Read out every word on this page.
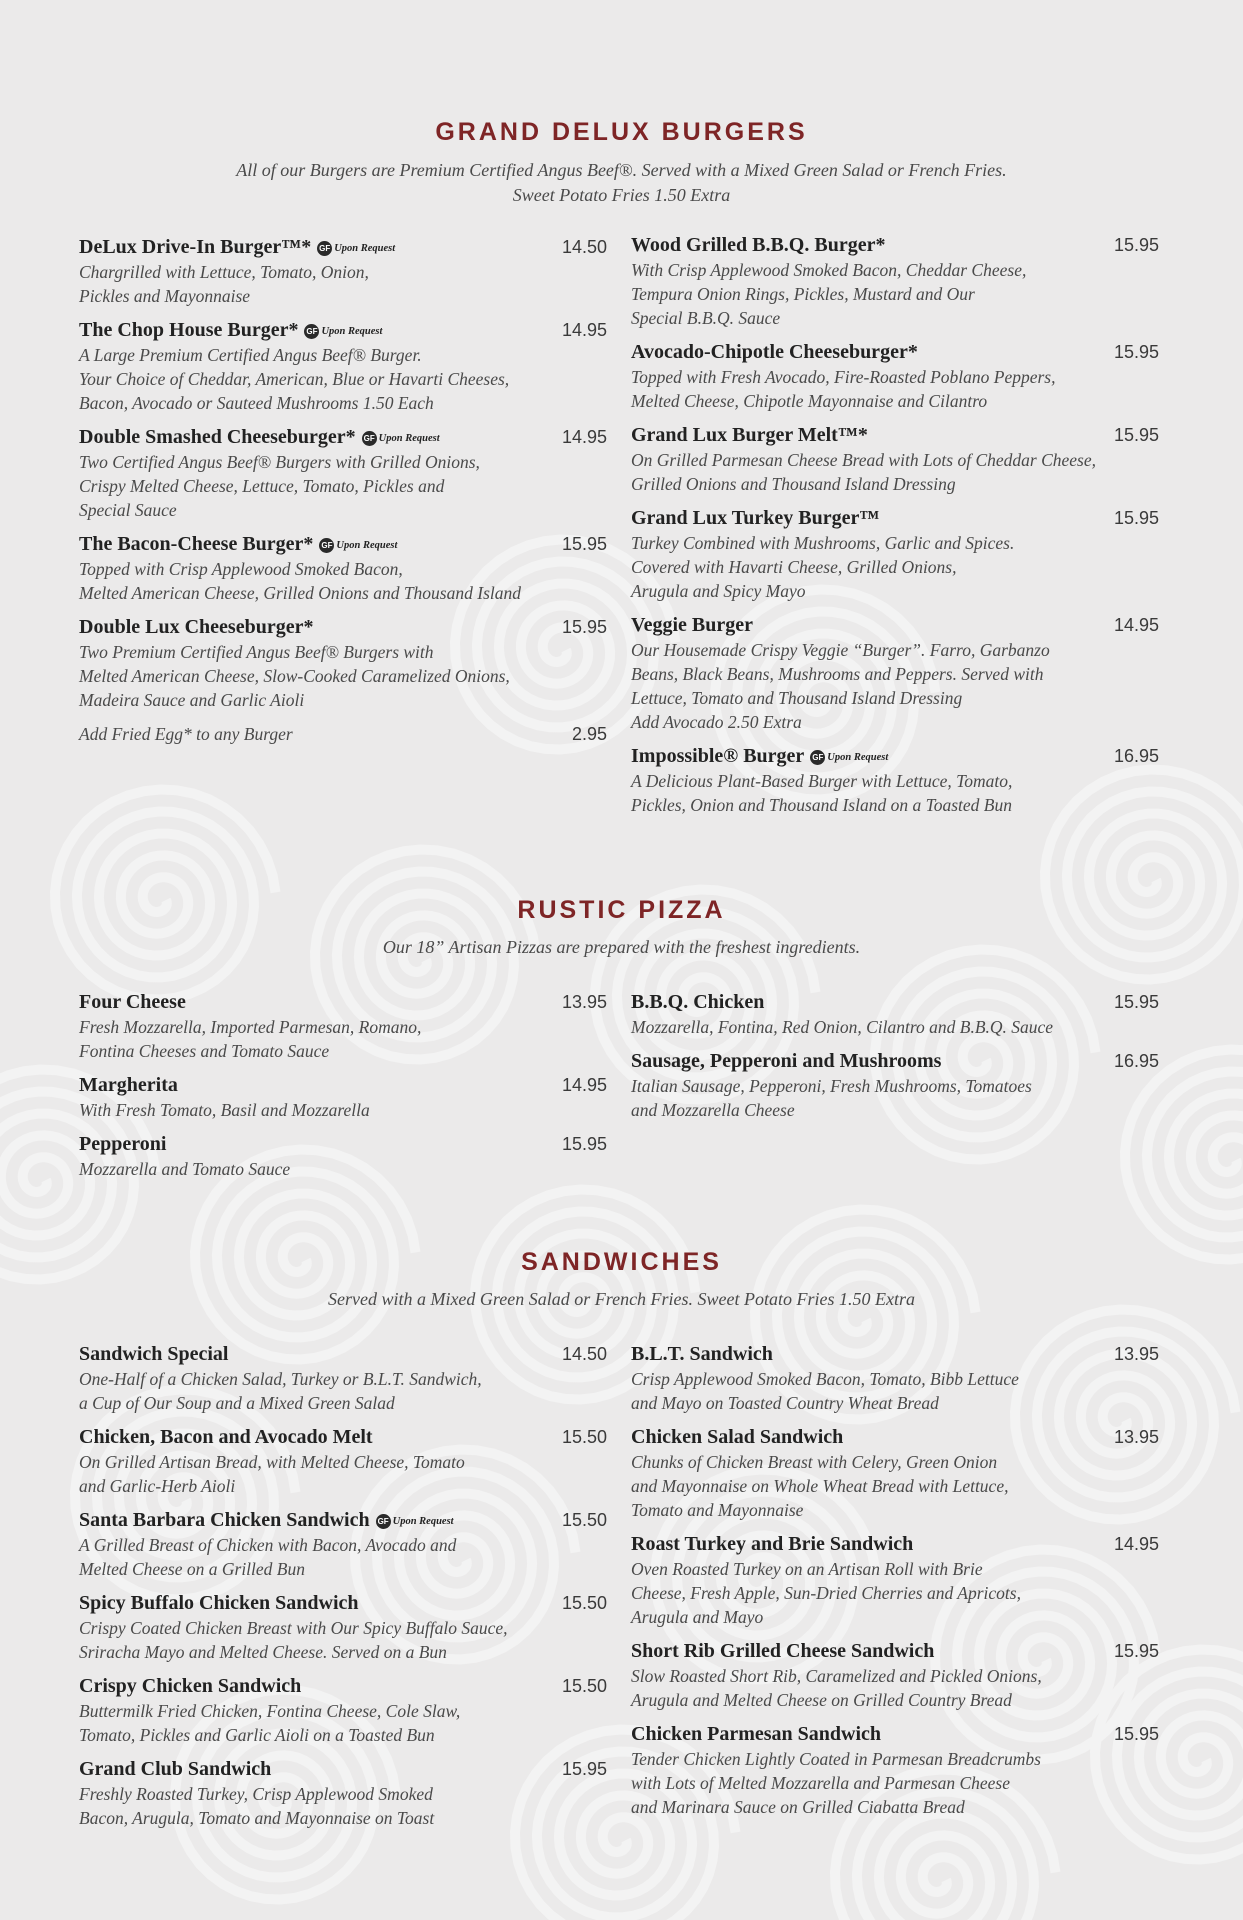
GRAND DELUX BURGERS
All of our Burgers are Premium Certified Angus Beef®. Served with a Mixed Green Salad or French Fries.
Sweet Potato Fries 1.50 Extra
DeLux Drive-In Burger™* GF Upon Request	14.50
Chargrilled with Lettuce, Tomato, Onion,
Pickles and Mayonnaise
The Chop House Burger* GF Upon Request	14.95
A Large Premium Certified Angus Beef® Burger.
Your Choice of Cheddar, American, Blue or Havarti Cheeses,
Bacon, Avocado or Sauteed Mushrooms 1.50 Each
Double Smashed Cheeseburger* GF Upon Request	14.95
Two Certified Angus Beef® Burgers with Grilled Onions,
Crispy Melted Cheese, Lettuce, Tomato, Pickles and
Special Sauce
The Bacon-Cheese Burger* GF Upon Request	15.95
Topped with Crisp Applewood Smoked Bacon,
Melted American Cheese, Grilled Onions and Thousand Island
Double Lux Cheeseburger*	15.95
Two Premium Certified Angus Beef® Burgers with
Melted American Cheese, Slow-Cooked Caramelized Onions,
Madeira Sauce and Garlic Aioli
Add Fried Egg* to any Burger	2.95
Wood Grilled B.B.Q. Burger*	15.95
With Crisp Applewood Smoked Bacon, Cheddar Cheese,
Tempura Onion Rings, Pickles, Mustard and Our
Special B.B.Q. Sauce
Avocado-Chipotle Cheeseburger*	15.95
Topped with Fresh Avocado, Fire-Roasted Poblano Peppers,
Melted Cheese, Chipotle Mayonnaise and Cilantro
Grand Lux Burger Melt™*	15.95
On Grilled Parmesan Cheese Bread with Lots of Cheddar Cheese,
Grilled Onions and Thousand Island Dressing
Grand Lux Turkey Burger™	15.95
Turkey Combined with Mushrooms, Garlic and Spices.
Covered with Havarti Cheese, Grilled Onions,
Arugula and Spicy Mayo
Veggie Burger	14.95
Our Housemade Crispy Veggie “Burger”. Farro, Garbanzo
Beans, Black Beans, Mushrooms and Peppers. Served with
Lettuce, Tomato and Thousand Island Dressing
Add Avocado 2.50 Extra
Impossible® Burger GF Upon Request	16.95
A Delicious Plant-Based Burger with Lettuce, Tomato,
Pickles, Onion and Thousand Island on a Toasted Bun
RUSTIC PIZZA
Our 18” Artisan Pizzas are prepared with the freshest ingredients.
Four Cheese	13.95
Fresh Mozzarella, Imported Parmesan, Romano,
Fontina Cheeses and Tomato Sauce
Margherita	14.95
With Fresh Tomato, Basil and Mozzarella
Pepperoni	15.95
Mozzarella and Tomato Sauce
B.B.Q. Chicken	15.95
Mozzarella, Fontina, Red Onion, Cilantro and B.B.Q. Sauce
Sausage, Pepperoni and Mushrooms	16.95
Italian Sausage, Pepperoni, Fresh Mushrooms, Tomatoes
and Mozzarella Cheese
SANDWICHES
Served with a Mixed Green Salad or French Fries. Sweet Potato Fries 1.50 Extra
Sandwich Special	14.50
One-Half of a Chicken Salad, Turkey or B.L.T. Sandwich,
a Cup of Our Soup and a Mixed Green Salad
Chicken, Bacon and Avocado Melt	15.50
On Grilled Artisan Bread, with Melted Cheese, Tomato
and Garlic-Herb Aioli
Santa Barbara Chicken Sandwich GF Upon Request	15.50
A Grilled Breast of Chicken with Bacon, Avocado and
Melted Cheese on a Grilled Bun
Spicy Buffalo Chicken Sandwich	15.50
Crispy Coated Chicken Breast with Our Spicy Buffalo Sauce,
Sriracha Mayo and Melted Cheese. Served on a Bun
Crispy Chicken Sandwich	15.50
Buttermilk Fried Chicken, Fontina Cheese, Cole Slaw,
Tomato, Pickles and Garlic Aioli on a Toasted Bun
Grand Club Sandwich	15.95
Freshly Roasted Turkey, Crisp Applewood Smoked
Bacon, Arugula, Tomato and Mayonnaise on Toast
B.L.T. Sandwich	13.95
Crisp Applewood Smoked Bacon, Tomato, Bibb Lettuce
and Mayo on Toasted Country Wheat Bread
Chicken Salad Sandwich	13.95
Chunks of Chicken Breast with Celery, Green Onion
and Mayonnaise on Whole Wheat Bread with Lettuce,
Tomato and Mayonnaise
Roast Turkey and Brie Sandwich	14.95
Oven Roasted Turkey on an Artisan Roll with Brie
Cheese, Fresh Apple, Sun-Dried Cherries and Apricots,
Arugula and Mayo
Short Rib Grilled Cheese Sandwich	15.95
Slow Roasted Short Rib, Caramelized and Pickled Onions,
Arugula and Melted Cheese on Grilled Country Bread
Chicken Parmesan Sandwich	15.95
Tender Chicken Lightly Coated in Parmesan Breadcrumbs
with Lots of Melted Mozzarella and Parmesan Cheese
and Marinara Sauce on Grilled Ciabatta Bread
